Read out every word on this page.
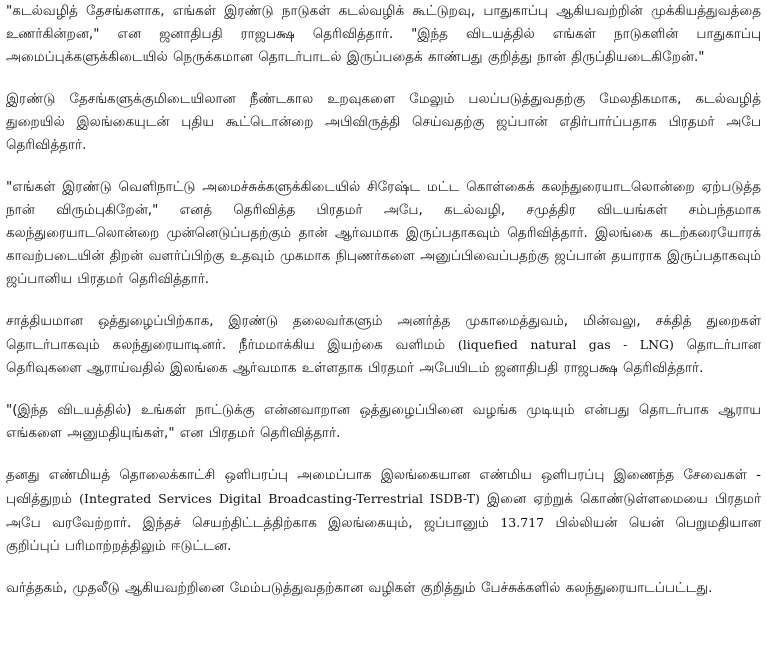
"கடல்வழித் தேசங்களாக, எங்கள் இரண்டு நாடுகள் கடல்வழிக் கூட்டுறவு, பாதுகாப்பு ஆகியவற்றின் முக்கியத்துவத்தை உணர்கின்றன," என ஜனாதிபதி ராஜபக்ஷ தெரிவித்தார். "இந்த விடயத்தில் எங்கள் நாடுகளின் பாதுகாப்பு அமைப்புக்களுக்கிடையில் நெருக்கமான தொடர்பாடல் இருப்பதைக் காண்பது குறித்து நான் திருப்தியடைகிறேன்."

இரண்டு தேசங்களுக்குமிடையிலான நீண்டகால உறவுகளை மேலும் பலப்படுத்துவதற்கு மேலதிகமாக, கடல்வழித் துறையில் இலங்கையுடன் புதிய கூட்டொன்றை அபிவிருத்தி செய்வதற்கு ஜப்பான் எதிர்பார்ப்பதாக பிரதமர் அபே தெரிவித்தார்.

"எங்கள் இரண்டு வெளிநாட்டு அமைச்சுக்களுக்கிடையில் சிரேஷ்ட மட்ட கொள்கைக் கலந்துரையாடலொன்றை ஏற்படுத்த நான் விரும்புகிறேன்," எனத் தெரிவித்த பிரதமர் அபே, கடல்வழி, சமுத்திர விடயங்கள் சம்பந்தமாக கலந்துரையாடலொன்றை முன்னெடுப்பதற்கும் தான் ஆர்வமாக இருப்பதாகவும் தெரிவித்தார். இலங்கை கடற்கரையோரக் காவற்படையின் திறன் வளர்ப்பிற்கு உதவும் முகமாக நிபுணர்களை அனுப்பிவைப்பதற்கு ஜப்பான் தயாராக இருப்பதாகவும் ஜப்பானிய பிரதமர் தெரிவித்தார்.

சாத்தியமான ஒத்துழைப்பிற்காக, இரண்டு தலைவர்களும் அனர்த்த முகாமைத்துவம், மின்வலு, சக்தித் துறைகள் தொடர்பாகவும் கலந்துரையாடினர். நீர்மமாக்கிய இயற்கை வளிமம் (liquefied natural gas - LNG) தொடர்பான தெரிவுகளை ஆராய்வதில் இலங்கை ஆர்வமாக உள்ளதாக பிரதமர் அபேயிடம் ஜனாதிபதி ராஜபக்ஷ தெரிவித்தார்.

"(இந்த விடயத்தில்) உங்கள் நாட்டுக்கு என்னவாறான ஒத்துழைப்பினை வழங்க முடியும் என்பது தொடர்பாக ஆராய எங்களை அனுமதியுங்கள்," என பிரதமர் தெரிவித்தார்.

தனது எண்மியத் தொலைக்காட்சி ஒளிபரப்பு அமைப்பாக இலங்கையான எண்மிய ஒளிபரப்பு இணைந்த சேவைகள் - புவித்துறம் (Integrated Services Digital Broadcasting-Terrestrial ISDB-T) இனை ஏற்றுக் கொண்டுள்ளமையை பிரதமர் அபே வரவேற்றார். இந்தச் செயற்திட்டத்திற்காக இலங்கையும், ஜப்பானும் 13.717 பில்லியன் யென் பெறுமதியான குறிப்புப் பரிமாற்றத்திலும் ஈடுட்டன.

வர்த்தகம், முதலீடு ஆகியவற்றினை மேம்படுத்துவதற்கான வழிகள் குறித்தும் பேச்சுக்களில் கலந்துரையாடப்பட்டது.
